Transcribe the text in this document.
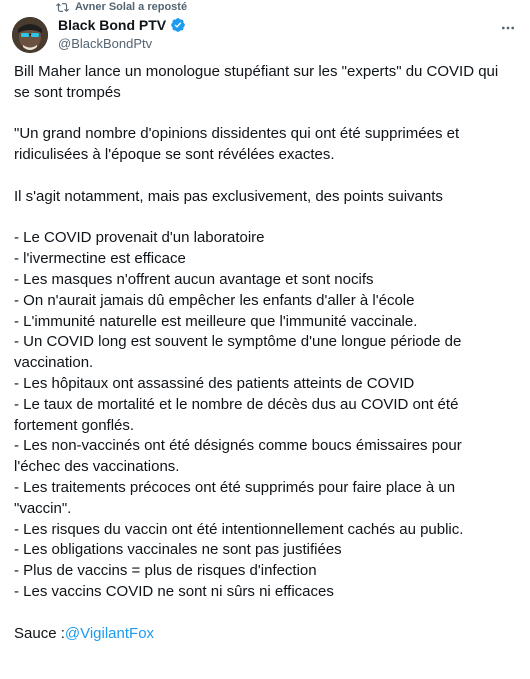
Avner Solal a reposté
Black Bond PTV
@BlackBondPtv
Bill Maher lance un monologue stupéfiant sur les "experts" du COVID qui
se sont trompés
"Un grand nombre d'opinions dissidentes qui ont été supprimées et
ridiculisées à l'époque se sont révélées exactes.
Il s'agit notamment, mais pas exclusivement, des points suivants
- Le COVID provenait d'un laboratoire
- l'ivermectine est efficace
- Les masques n'offrent aucun avantage et sont nocifs
- On n'aurait jamais dû empêcher les enfants d'aller à l'école
- L'immunité naturelle est meilleure que l'immunité vaccinale.
- Un COVID long est souvent le symptôme d'une longue période de
vaccination.
- Les hôpitaux ont assassiné des patients atteints de COVID
- Le taux de mortalité et le nombre de décès dus au COVID ont été
fortement gonflés.
- Les non-vaccinés ont été désignés comme boucs émissaires pour
l'échec des vaccinations.
- Les traitements précoces ont été supprimés pour faire place à un
"vaccin".
- Les risques du vaccin ont été intentionnellement cachés au public.
- Les obligations vaccinales ne sont pas justifiées
- Plus de vaccins = plus de risques d'infection
- Les vaccins COVID ne sont ni sûrs ni efficaces
Sauce :@VigilantFox
